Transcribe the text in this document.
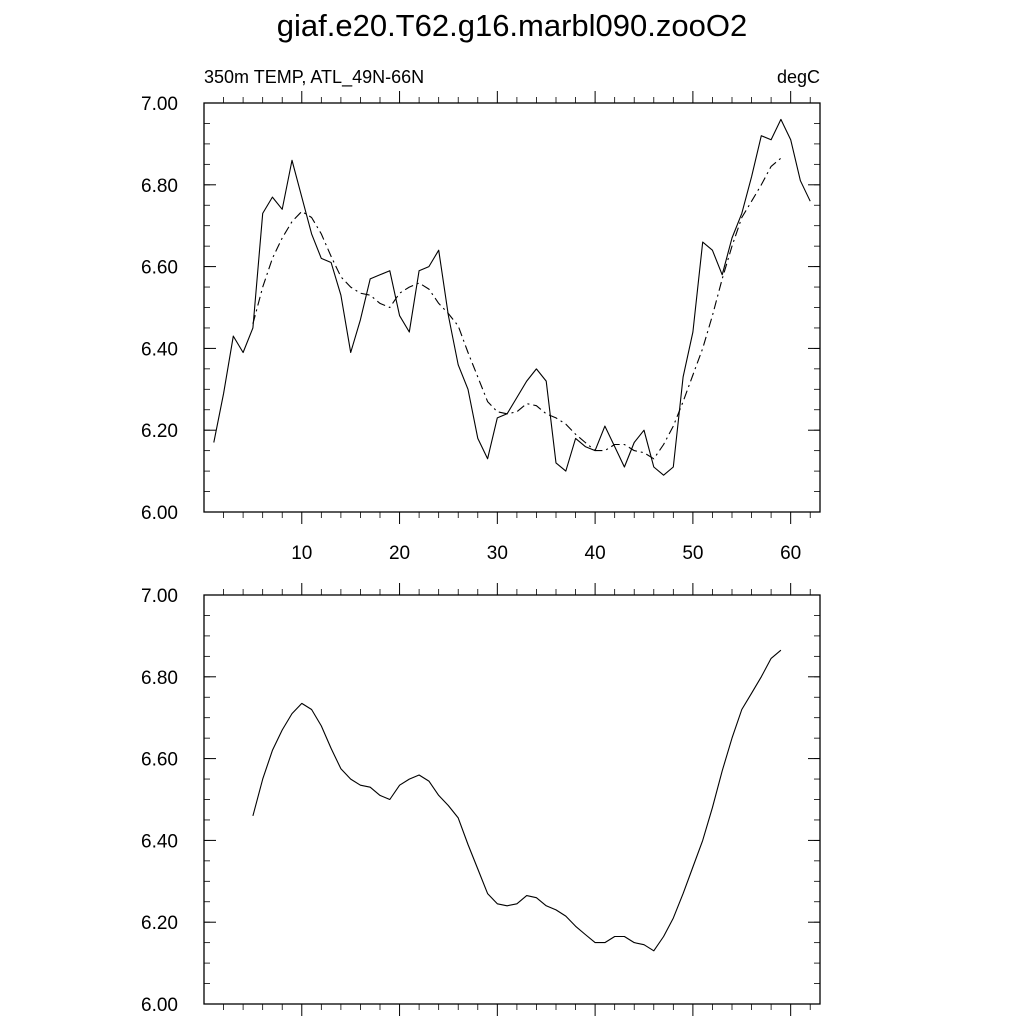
giaf.e20.T62.g16.marbl090.zooO2
350m TEMP, ATL_49N-66N	degC
6.00
6.20
6.40
6.60
6.80
7.00
10	20	30	40	50	60
6.00
6.20
6.40
6.60
6.80
7.00
